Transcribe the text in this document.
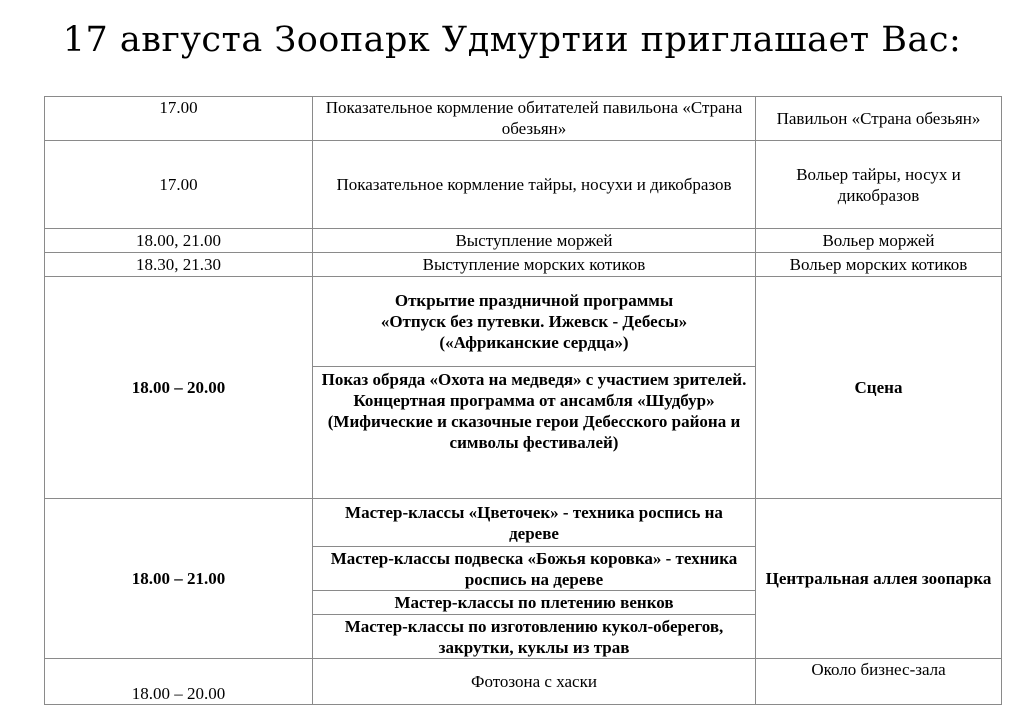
17 августа Зоопарк Удмуртии приглашает Вас:
17.00	Показательное кормление обитателей павильона «Страна обезьян»	Павильон «Страна обезьян»
17.00	Показательное кормление тайры, носухи и дикобразов	Вольер тайры, носух и дикобразов
18.00, 21.00	Выступление моржей	Вольер моржей
18.30, 21.30	Выступление морских котиков	Вольер морских котиков
18.00 – 20.00	Открытие праздничной программы
«Отпуск без путевки. Ижевск - Дебесы»
(«Африканские сердца»)	Сцена
	Показ обряда «Охота на медведя» с участием зрителей.
Концертная программа от ансамбля «Шудбур»
(Мифические и сказочные герои Дебесского района и символы фестивалей)	
18.00 – 21.00	Мастер-классы «Цветочек» - техника роспись на дереве	Центральная аллея зоопарка
	Мастер-классы подвеска «Божья коровка» - техника роспись на дереве	
	Мастер-классы по плетению венков	
	Мастер-классы по изготовлению кукол-оберегов, закрутки, куклы из трав	
18.00 – 20.00	Фотозона с хаски	Около бизнес-зала
